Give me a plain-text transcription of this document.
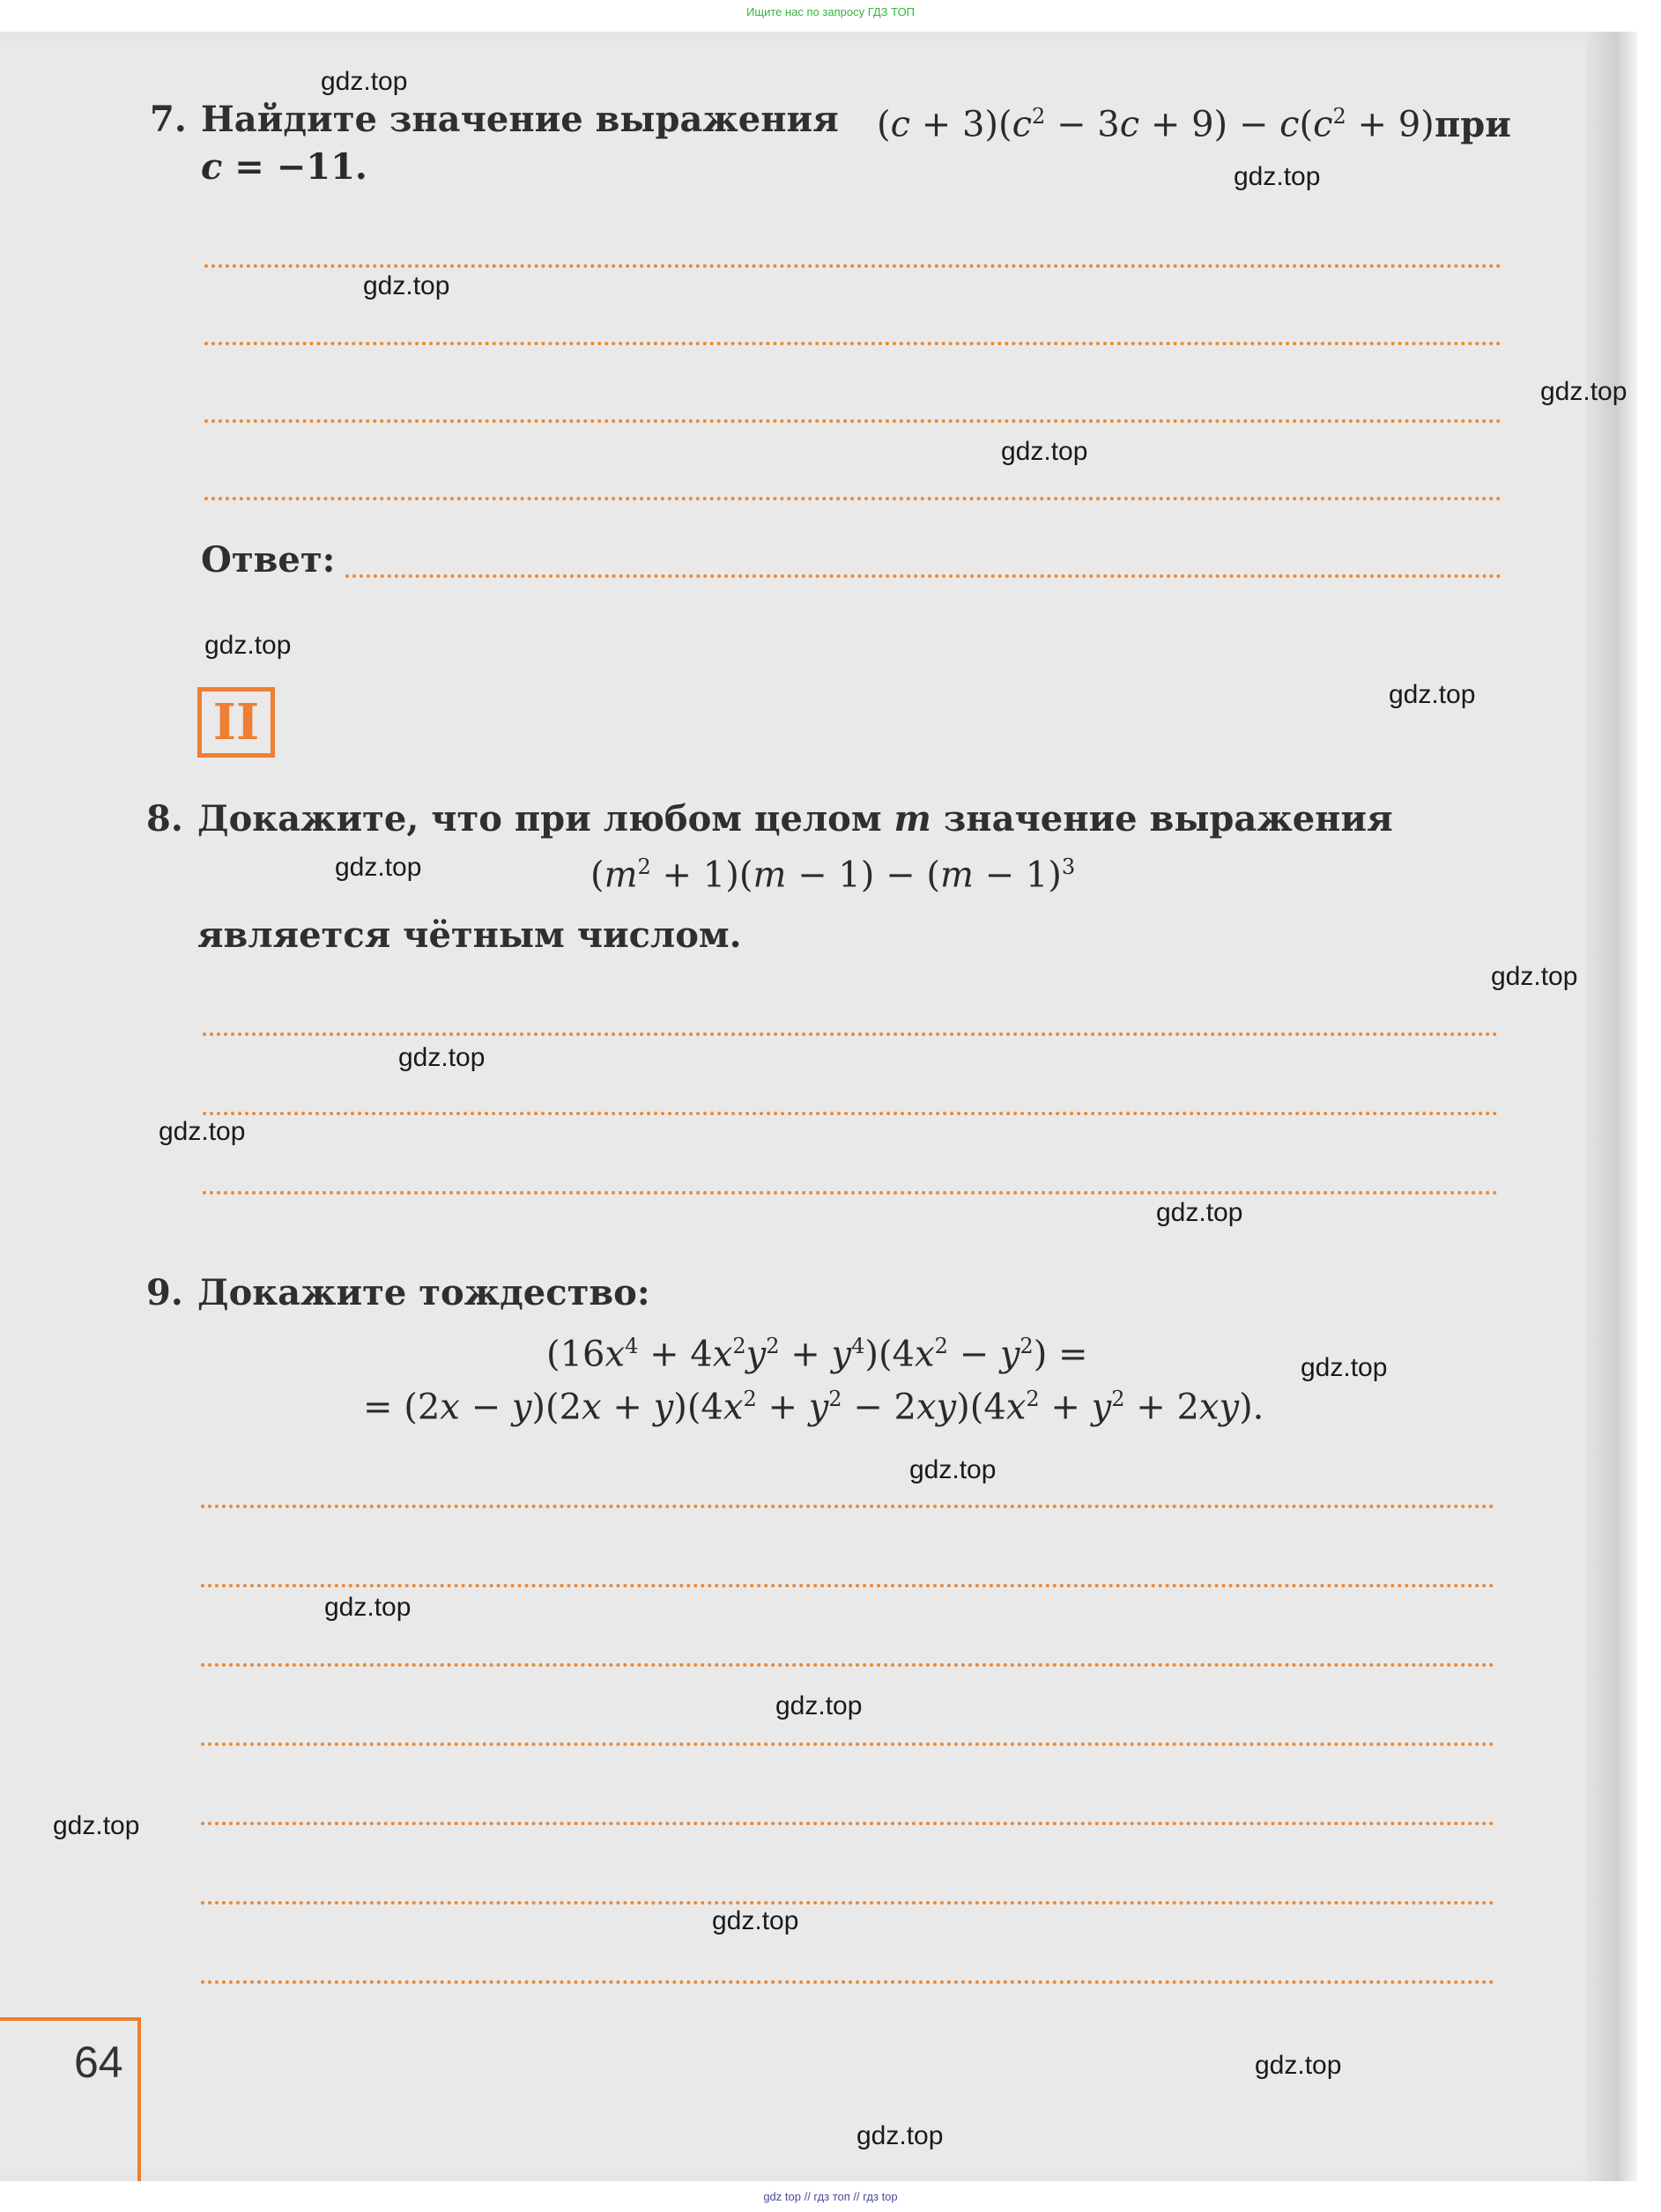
Ищите нас по запросу ГДЗ ТОП
7. Найдите значение выражения $(c + 3)(c^2 - 3c + 9) - c(c^2 + 9)$ при
c = −11.
Ответ:
II
8. Докажите, что при любом целом m значение выражения
$(m^2 + 1)(m - 1) - (m - 1)^3$
является чётным числом.
9. Докажите тождество:
$(16x^4 + 4x^2y^2 + y^4)(4x^2 - y^2)$ =
= $(2x - y)(2x + y)(4x^2 + y^2 - 2xy)(4x^2 + y^2 + 2xy)$.
64
gdz.top
gdz.top
gdz.top
gdz.top
gdz.top
gdz.top
gdz.top
gdz.top
gdz.top
gdz.top
gdz.top
gdz.top
gdz.top
gdz.top
gdz.top
gdz.top
gdz.top
gdz.top
gdz.top
gdz.top
gdz top // гдз топ // гдз top
